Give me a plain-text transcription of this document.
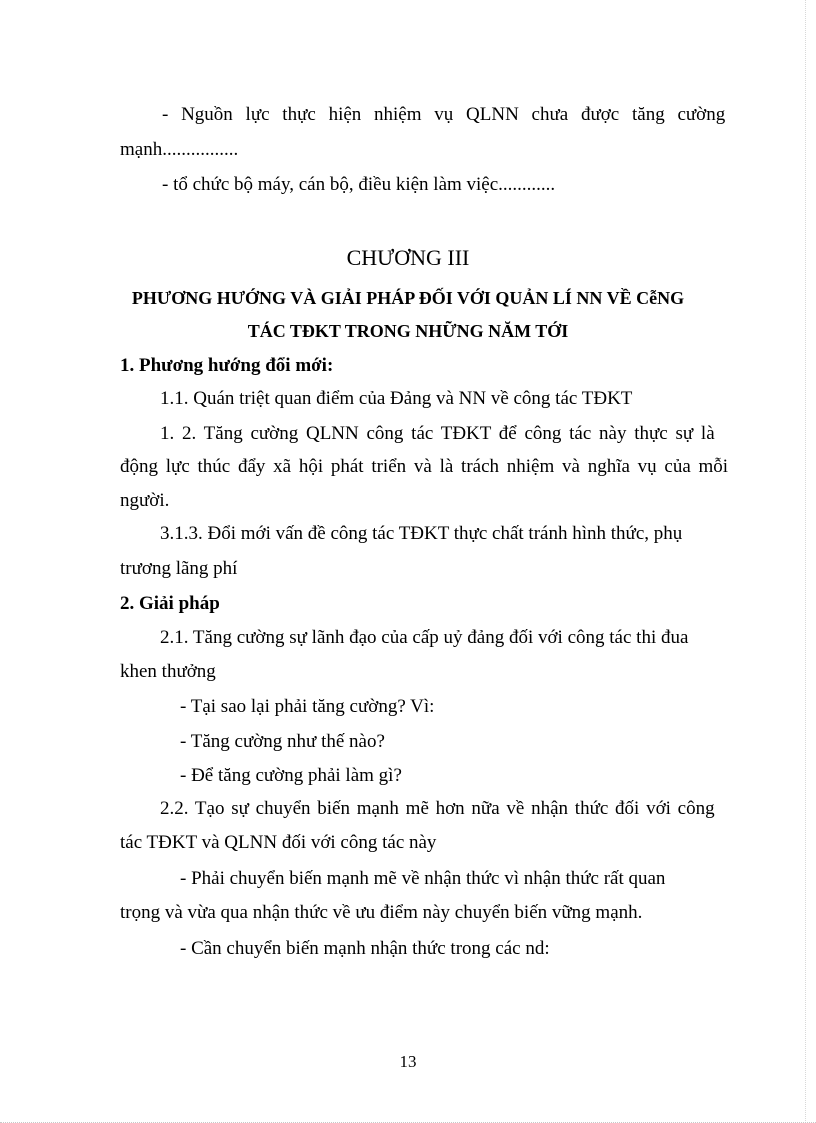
- Nguồn lực thực hiện nhiệm vụ QLNN chưa được tăng cường
mạnh................
- tổ chức bộ máy, cán bộ, điều kiện làm việc............
CHƯƠNG III
PHƯƠNG HƯỚNG VÀ GIẢI PHÁP ĐỐI VỚI QUẢN LÍ NN VỀ CễNG
TÁC TĐKT TRONG NHỮNG NĂM TỚI
1. Phương hướng đổi mới:
1.1. Quán triệt quan điểm của Đảng và NN về công tác TĐKT
1. 2. Tăng cường QLNN công tác TĐKT để công tác này thực sự là
động lực thúc đẩy xã hội phát triển và là trách nhiệm và nghĩa vụ của mỗi
người.
3.1.3. Đổi mới vấn đề công tác TĐKT thực chất tránh hình thức, phụ
trương lãng phí
2. Giải pháp
2.1. Tăng cường sự lãnh đạo của cấp uỷ đảng đối với công tác thi đua
khen thưởng
- Tại sao lại phải tăng cường? Vì:
- Tăng cường như thế nào?
- Để tăng cường phải làm gì?
2.2. Tạo sự chuyển biến mạnh mẽ hơn nữa về nhận thức đối với công
tác TĐKT và QLNN đối với công tác này
- Phải chuyển biến mạnh mẽ về nhận thức vì nhận thức rất quan
trọng và vừa qua nhận thức về ưu điểm này chuyển biến vững mạnh.
- Cần chuyển biến mạnh nhận thức trong các nd:
13
